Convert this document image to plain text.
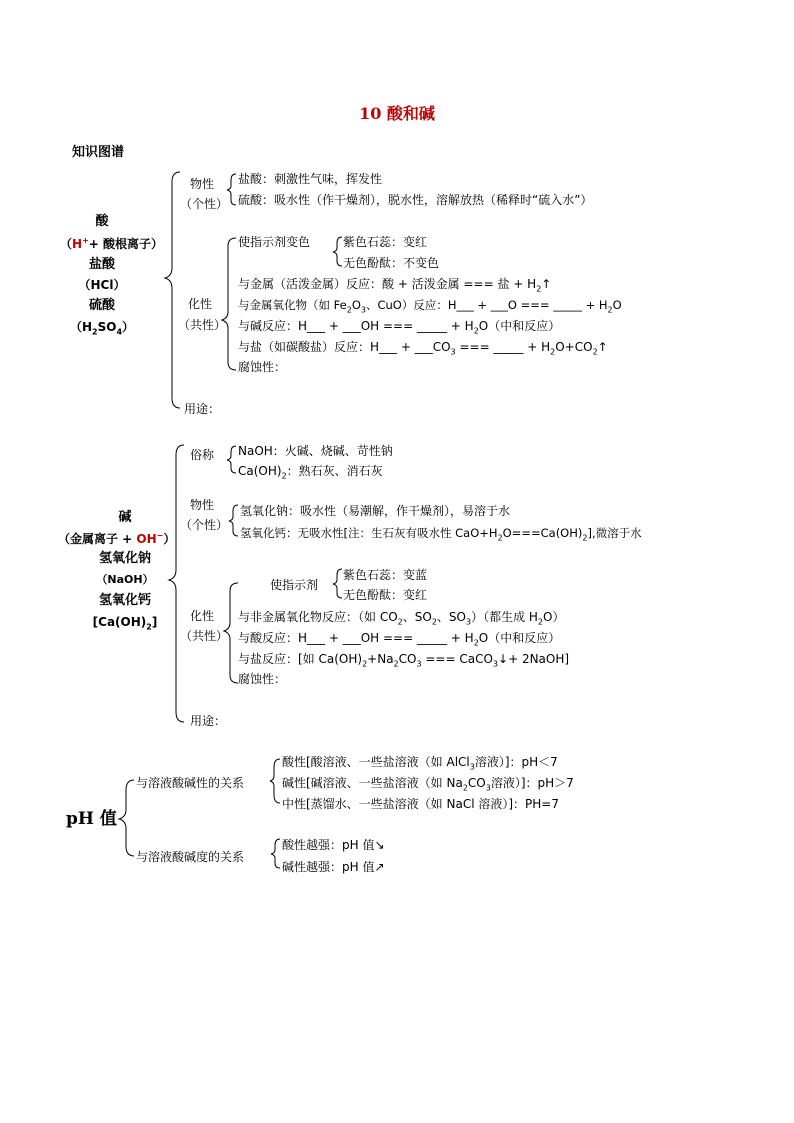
10 酸和碱
知识图谱
酸
（H++ 酸根离子）
盐酸
（HCl）
硫酸
$(H_2SO_4)$
物性
（个性）
盐酸：刺激性气味，挥发性
硫酸：吸水性（作干燥剂），脱水性，溶解放热（稀释时“硫入水”）
化性
（共性）
使指示剂变色	紫色石蕊：变红
无色酚酞：不变色
与金属（活泼金属）反应：酸 + 活泼金属 === 盐 + $H_2↑$
与金属氧化物（如 $Fe_2O_3$、CuO）反应：H___ + ___O === _____ + $H_2O$
与碱反应：H___ + ___OH === _____ + $H_2O$（中和反应）
与盐（如碳酸盐）反应：H___ + $\_\_\_CO_3$ === _____ + $H_2O+CO_2↑$
腐蚀性：
用途：
碱
（金属离子 + OH−）
氢氧化钠
（NaOH）
氢氧化钙
$[Ca(OH)_2]$
俗称 NaOH：火碱、烧碱、苛性钠
$Ca(OH)_2$：熟石灰、消石灰
物性
（个性）
氢氧化钠：吸水性（易潮解，作干燥剂），易溶于水
氢氧化钙：无吸水性[注：生石灰有吸水性 $CaO+H_2O===Ca(OH)_2$],微溶于水
化性
（共性）
使指示剂
紫色石蕊：变蓝
无色酚酞：变红
与非金属氧化物反应：（如 $CO_2$、$SO_2$、$SO_3$）（都生成 $H_2O$）
与酸反应：H___ + ___OH === _____ + $H_2O$（中和反应）
与盐反应：[如 $Ca(OH)_2+Na_2CO_3$ === CaCO$_3$↓+ 2NaOH]
腐蚀性：
用途：
pH 值
与溶液酸碱性的关系
酸性[酸溶液、一些盐溶液（如 AlCl$_3$溶液）]：pH＜7
碱性[碱溶液、一些盐溶液（如 $Na_2CO_3$溶液）]：pH＞7
中性[蒸馏水、一些盐溶液（如 NaCl 溶液）]：PH=7
与溶液酸碱度的关系
酸性越强：pH 值↘
碱性越强：pH 值↗
